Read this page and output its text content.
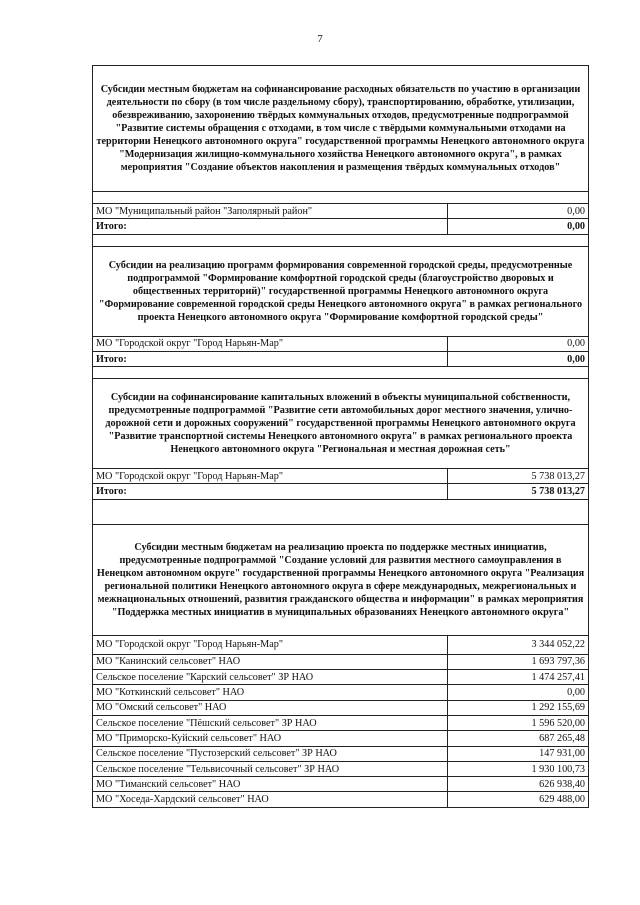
7
Субсидии местным бюджетам на софинансирование расходных обязательств по участию в организации деятельности по сбору (в том числе раздельному сбору), транспортированию, обработке, утилизации, обезвреживанию, захоронению твёрдых коммунальных отходов, предусмотренные подпрограммой "Развитие системы обращения с отходами, в том числе с твёрдыми коммунальными отходами на территории Ненецкого автономного округа" государственной программы Ненецкого автономного округа "Модернизация жилищно-коммунального хозяйства Ненецкого автономного округа", в рамках мероприятия "Создание объектов накопления и размещения твёрдых коммунальных отходов"	

МО "Муниципальный район "Заполярный район"	0,00
Итого:	0,00

Субсидии на реализацию программ формирования современной городской среды, предусмотренные подпрограммой "Формирование комфортной городской среды (благоустройство дворовых и общественных территорий)" государственной программы Ненецкого автономного округа "Формирование современной городской среды Ненецкого автономного округа" в рамках регионального проекта Ненецкого автономного округа "Формирование комфортной городской среды"	
МО "Городской округ "Город Нарьян-Мар"	0,00
Итого:	0,00

Субсидии на софинансирование капитальных вложений в объекты муниципальной собственности, предусмотренные подпрограммой "Развитие сети автомобильных дорог местного значения, улично-дорожной сети и дорожных сооружений" государственной программы Ненецкого автономного округа "Развитие транспортной системы Ненецкого автономного округа" в рамках регионального проекта Ненецкого автономного округа "Региональная и местная дорожная сеть"	
МО "Городской округ "Город Нарьян-Мар"	5 738 013,27
Итого:	5 738 013,27

Субсидии местным бюджетам на реализацию проекта по поддержке местных инициатив, предусмотренные подпрограммой "Создание условий для развития местного самоуправления в Ненецком автономном округе" государственной программы Ненецкого автономного округа "Реализация региональной политики Ненецкого автономного округа в сфере международных, межрегиональных и межнациональных отношений, развития гражданского общества и информации" в рамках мероприятия "Поддержка местных инициатив в муниципальных образованиях Ненецкого автономного округа"	
МО "Городской округ "Город Нарьян-Мар"	3 344 052,22
МО "Канинский сельсовет" НАО	1 693 797,36
Сельское поселение "Карский сельсовет" ЗР НАО	1 474 257,41
МО "Коткинский сельсовет" НАО	0,00
МО "Омский сельсовет" НАО	1 292 155,69
Сельское поселение "Пёшский сельсовет" ЗР НАО	1 596 520,00
МО "Приморско-Куйский сельсовет" НАО	687 265,48
Сельское поселение "Пустозерский сельсовет" ЗР НАО	147 931,00
Сельское поселение "Тельвисочный сельсовет" ЗР НАО	1 930 100,73
МО "Тиманский сельсовет" НАО	626 938,40
МО "Хоседа-Хардский сельсовет" НАО	629 488,00
